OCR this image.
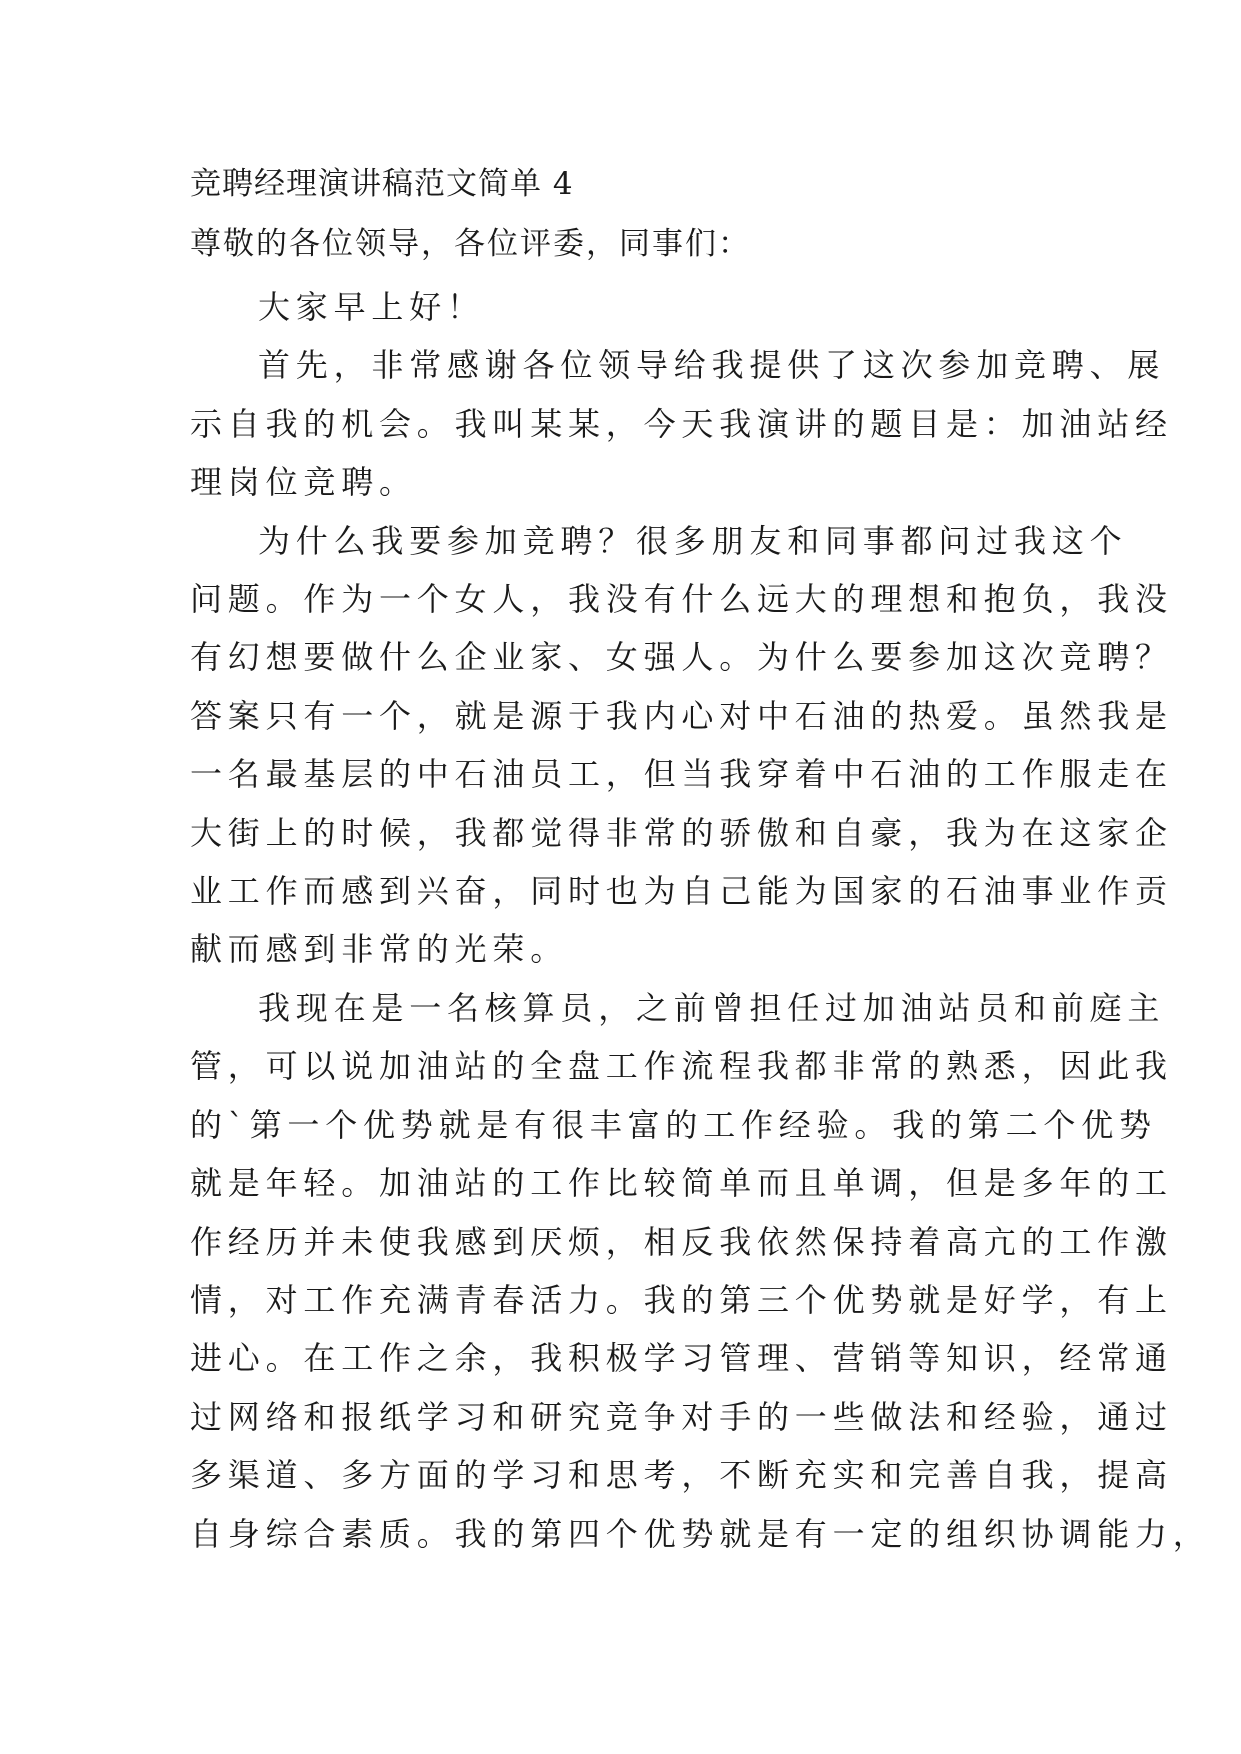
竞聘经理演讲稿范文简单 4
尊敬的各位领导，各位评委，同事们：
大家早上好！
首先，非常感谢各位领导给我提供了这次参加竞聘、展
示自我的机会。我叫某某，今天我演讲的题目是：加油站经
理岗位竞聘。
为什么我要参加竞聘？很多朋友和同事都问过我这个
问题。作为一个女人，我没有什么远大的理想和抱负，我没
有幻想要做什么企业家、女强人。为什么要参加这次竞聘？
答案只有一个，就是源于我内心对中石油的热爱。虽然我是
一名最基层的中石油员工，但当我穿着中石油的工作服走在
大街上的时候，我都觉得非常的骄傲和自豪，我为在这家企
业工作而感到兴奋，同时也为自己能为国家的石油事业作贡
献而感到非常的光荣。
我现在是一名核算员，之前曾担任过加油站员和前庭主
管，可以说加油站的全盘工作流程我都非常的熟悉，因此我
的`第一个优势就是有很丰富的工作经验。我的第二个优势
就是年轻。加油站的工作比较简单而且单调，但是多年的工
作经历并未使我感到厌烦，相反我依然保持着高亢的工作激
情，对工作充满青春活力。我的第三个优势就是好学，有上
进心。在工作之余，我积极学习管理、营销等知识，经常通
过网络和报纸学习和研究竞争对手的一些做法和经验，通过
多渠道、多方面的学习和思考，不断充实和完善自我，提高
自身综合素质。我的第四个优势就是有一定的组织协调能力，
